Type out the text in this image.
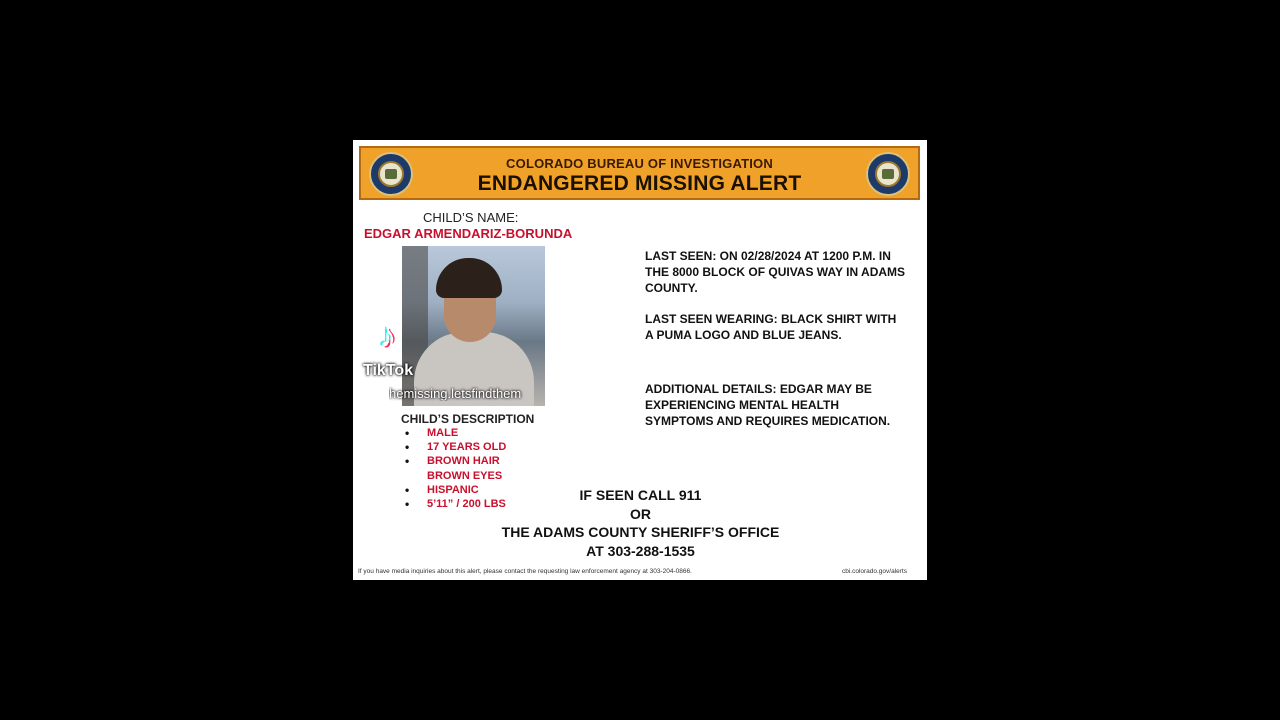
COLORADO BUREAU OF INVESTIGATION
ENDANGERED MISSING ALERT
CHILD’S NAME:
EDGAR ARMENDARIZ-BORUNDA
♪
TikTok
hemissing.letsfindthem
CHILD’S DESCRIPTION
• MALE
• 17 YEARS OLD
• BROWN HAIR
BROWN EYES
• HISPANIC
• 5’11” / 200 LBS
LAST SEEN: ON 02/28/2024 AT 1200 P.M. IN THE 8000 BLOCK OF QUIVAS WAY IN ADAMS COUNTY.
LAST SEEN WEARING: BLACK SHIRT WITH A PUMA LOGO AND BLUE JEANS.
ADDITIONAL DETAILS: EDGAR MAY BE EXPERIENCING MENTAL HEALTH SYMPTOMS AND REQUIRES MEDICATION.
IF SEEN CALL 911
OR
THE ADAMS COUNTY SHERIFF’S OFFICE
AT 303-288-1535
If you have media inquiries about this alert, please contact the requesting law enforcement agency at 303-204-0866.	cbi.colorado.gov/alerts
